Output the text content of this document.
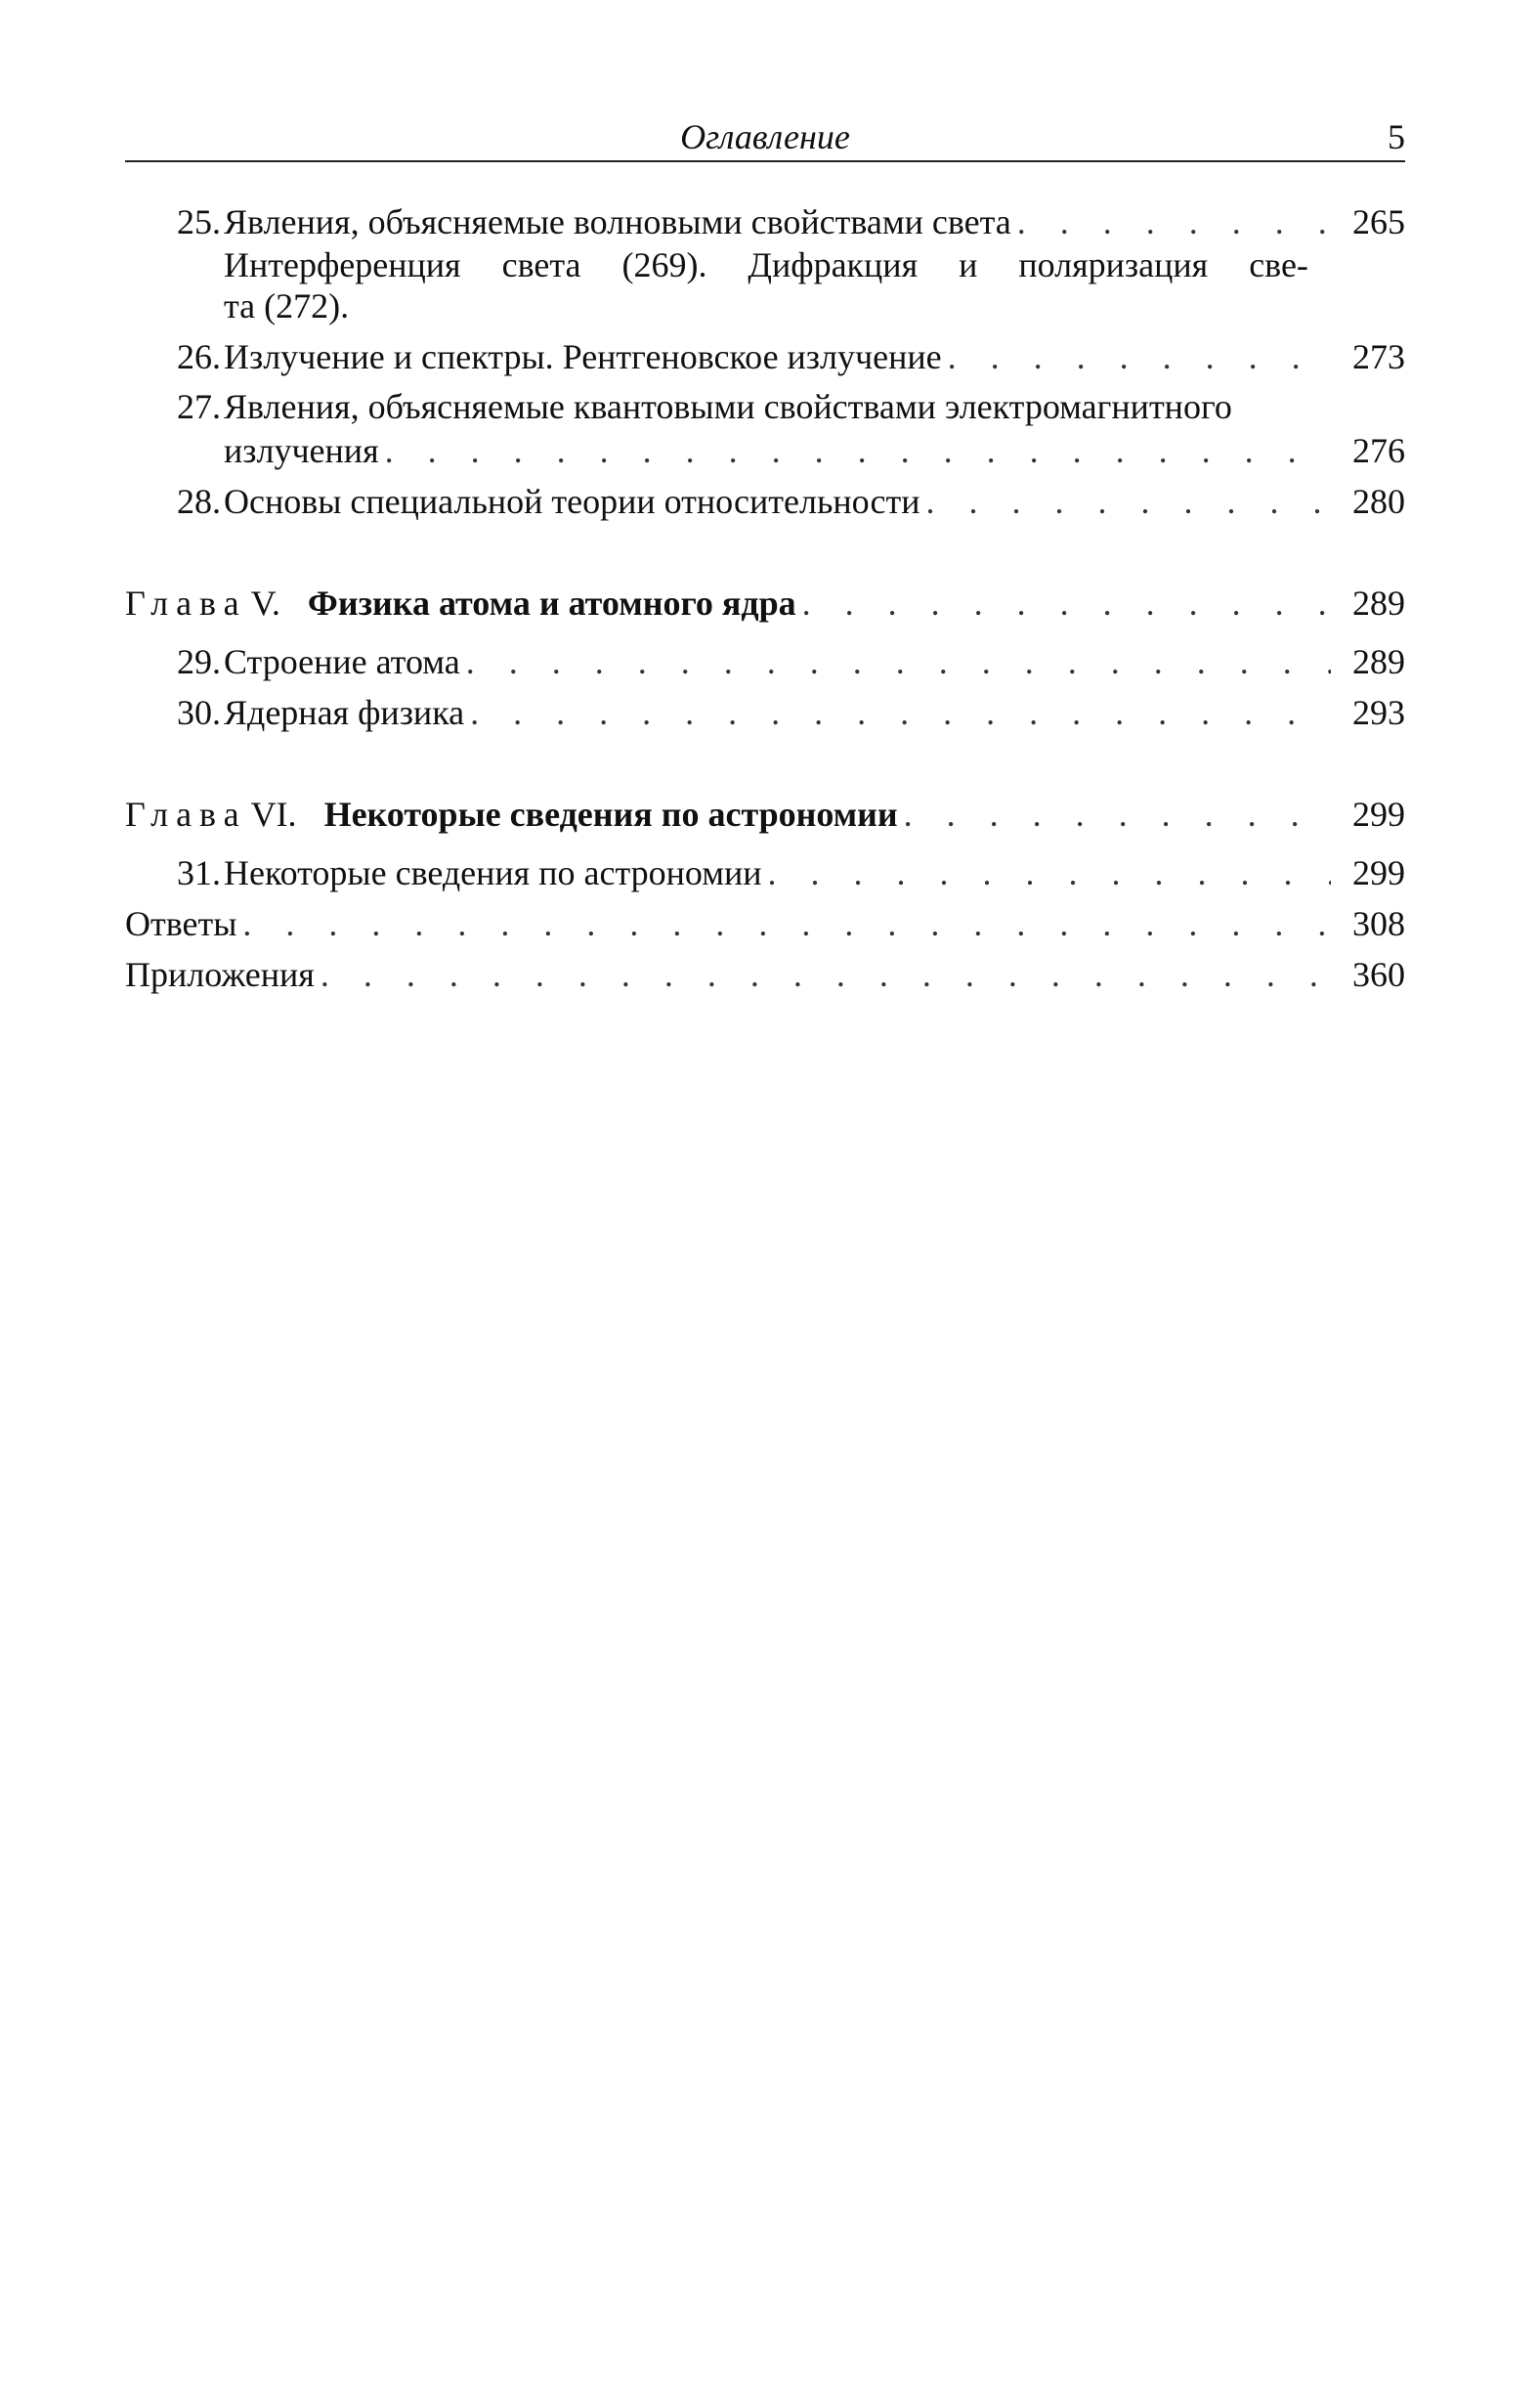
Оглавление	5
25. Явления, объясняемые волновыми свойствами света . . .	265
Интерференция света (269). Дифракция и поляризация све-
та (272).
26. Излучение и спектры. Рентгеновское излучение . . .	273
27. Явления, объясняемые квантовыми свойствами электромагнитного
излучения . . .	276
28. Основы специальной теории относительности . . .	280
Глава V. Физика атома и атомного ядра . . .	289
29. Строение атома . . .	289
30. Ядерная физика . . .	293
Глава VI. Некоторые сведения по астрономии . . .	299
31. Некоторые сведения по астрономии . . .	299
Ответы . . .	308
Приложения . . .	360
